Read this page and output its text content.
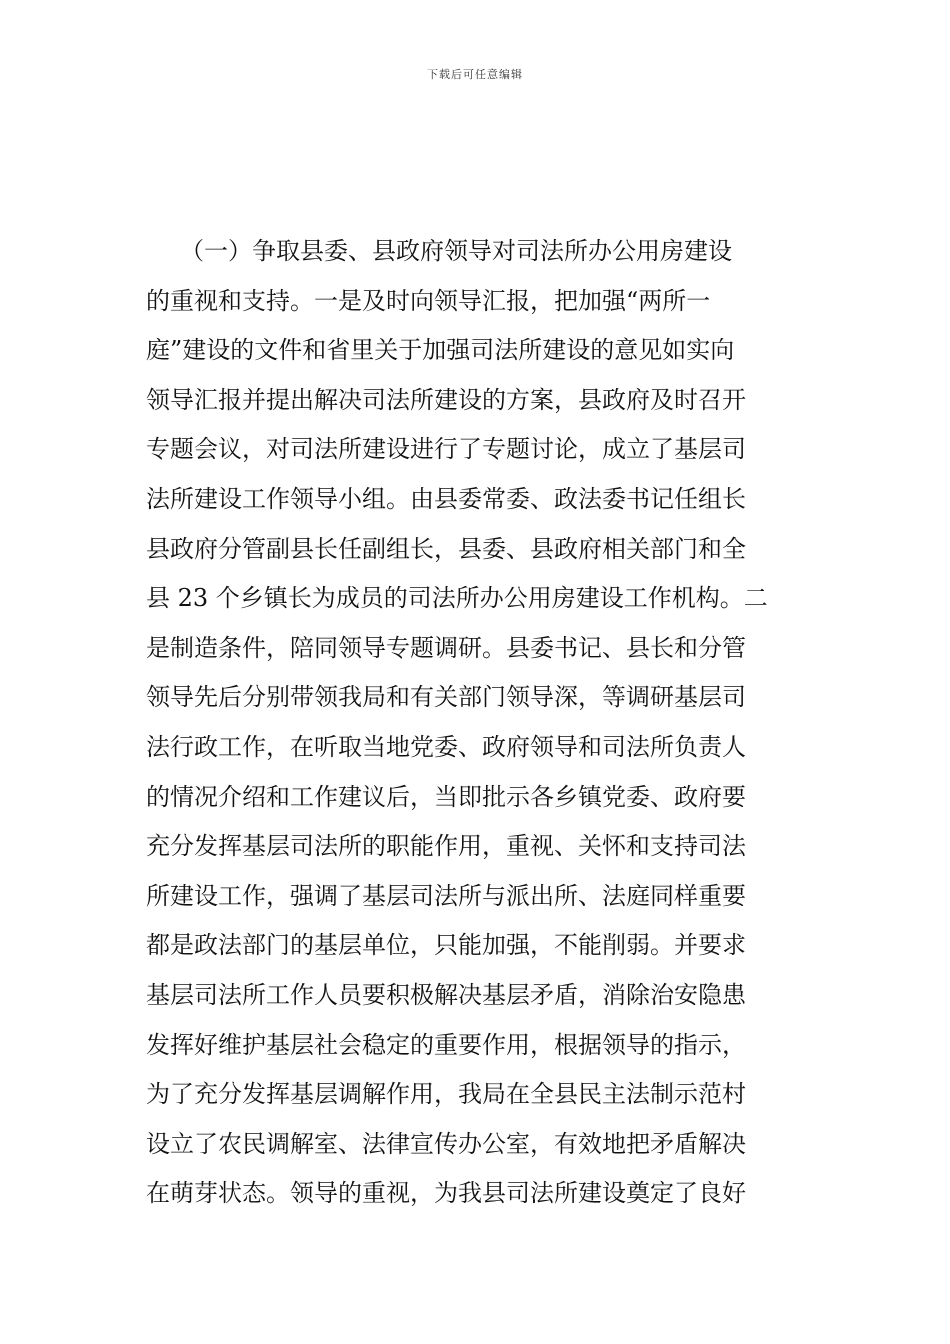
下载后可任意编辑
（一）争取县委、县政府领导对司法所办公用房建设
的重视和支持。一是及时向领导汇报，把加强“两所一
庭”建设的文件和省里关于加强司法所建设的意见如实向
领导汇报并提出解决司法所建设的方案，县政府及时召开
专题会议，对司法所建设进行了专题讨论，成立了基层司
法所建设工作领导小组。由县委常委、政法委书记任组长
县政府分管副县长任副组长，县委、县政府相关部门和全
县 23 个乡镇长为成员的司法所办公用房建设工作机构。二
是制造条件，陪同领导专题调研。县委书记、县长和分管
领导先后分别带领我局和有关部门领导深，等调研基层司
法行政工作，在听取当地党委、政府领导和司法所负责人
的情况介绍和工作建议后，当即批示各乡镇党委、政府要
充分发挥基层司法所的职能作用，重视、关怀和支持司法
所建设工作，强调了基层司法所与派出所、法庭同样重要
都是政法部门的基层单位，只能加强，不能削弱。并要求
基层司法所工作人员要积极解决基层矛盾，消除治安隐患
发挥好维护基层社会稳定的重要作用，根据领导的指示，
为了充分发挥基层调解作用，我局在全县民主法制示范村
设立了农民调解室、法律宣传办公室，有效地把矛盾解决
在萌芽状态。领导的重视，为我县司法所建设奠定了良好
